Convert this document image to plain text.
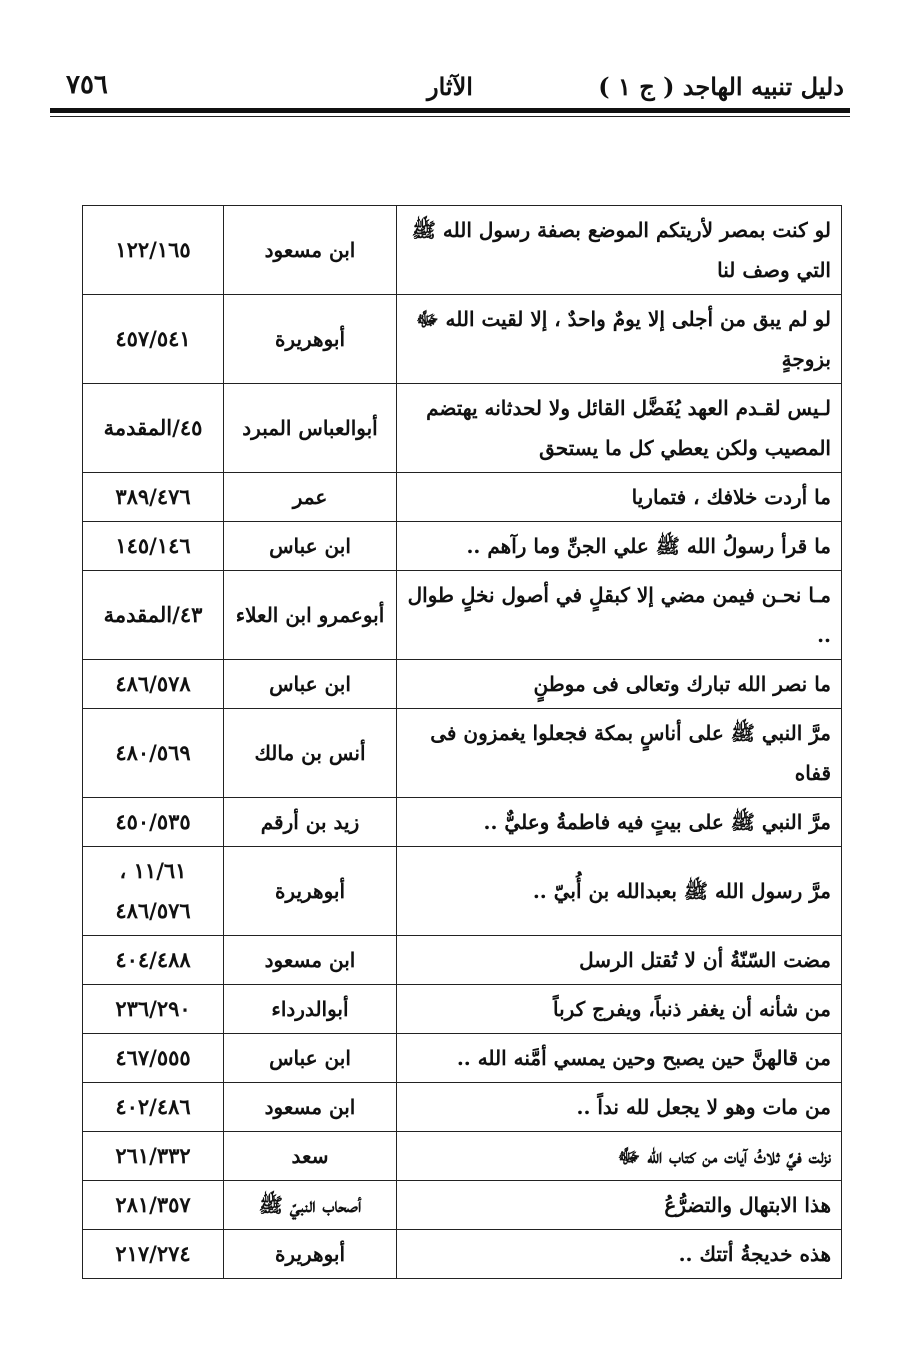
دليل تنبيه الهاجد ( ج ١ )
الآثار
٧٥٦
لو كنت بمصر لأريتكم الموضع بصفة رسول الله ﷺ التي وصف لنا	ابن مسعود	١٢٢/١٦٥

لو لم يبق من أجلى إلا يومٌ واحدٌ ، إلا لقيت الله ﷻ بزوجةٍ	أبوهريرة	٤٥٧/٥٤١

لـيس لقـدم العهد يُفَضَّل القائل ولا لحدثانه يهتضم المصيب ولكن يعطي كل ما يستحق	أبوالعباس المبرد	٤٥/المقدمة

ما أردت خلافك ، فتماريا	عمر	٣٨٩/٤٧٦

ما قرأ رسولُ الله ﷺ علي الجنِّ وما رآهم ..	ابن عباس	١٤٥/١٤٦

مـا نحـن فيمن مضي إلا كبقلٍ في أصول نخلٍ طوال ..	أبوعمرو ابن العلاء	٤٣/المقدمة

ما نصر الله تبارك وتعالى فى موطنٍ	ابن عباس	٤٨٦/٥٧٨

مرَّ النبي ﷺ على أناسٍ بمكة فجعلوا يغمزون فى قفاه	أنس بن مالك	٤٨٠/٥٦٩

مرَّ النبي ﷺ على بيتٍ فيه فاطمةُ وعليٌّ ..	زيد بن أرقم	٤٥٠/٥٣٥

مرَّ رسول الله ﷺ بعبدالله بن أُبيّ ..	أبوهريرة	١١/٦١ ،
٤٨٦/٥٧٦

مضت السّنّةُ أن لا تُقتل الرسل	ابن مسعود	٤٠٤/٤٨٨

من شأنه أن يغفر ذنباً، ويفرج كرباً	أبوالدرداء	٢٣٦/٢٩٠

من قالهنَّ حين يصبح وحين يمسي أمَّنه الله ..	ابن عباس	٤٦٧/٥٥٥

من مات وهو لا يجعل لله نداً ..	ابن مسعود	٤٠٢/٤٨٦

نزلت فيَّ ثلاثُ آيات من كتاب الله ﷻ	سعد	٢٦١/٣٣٢

هذا الابتهال والتضرُّعُ	أصحاب النبيّ ﷺ	٢٨١/٣٥٧

هذه خديجةُ أتتك ..	أبوهريرة	٢١٧/٢٧٤
